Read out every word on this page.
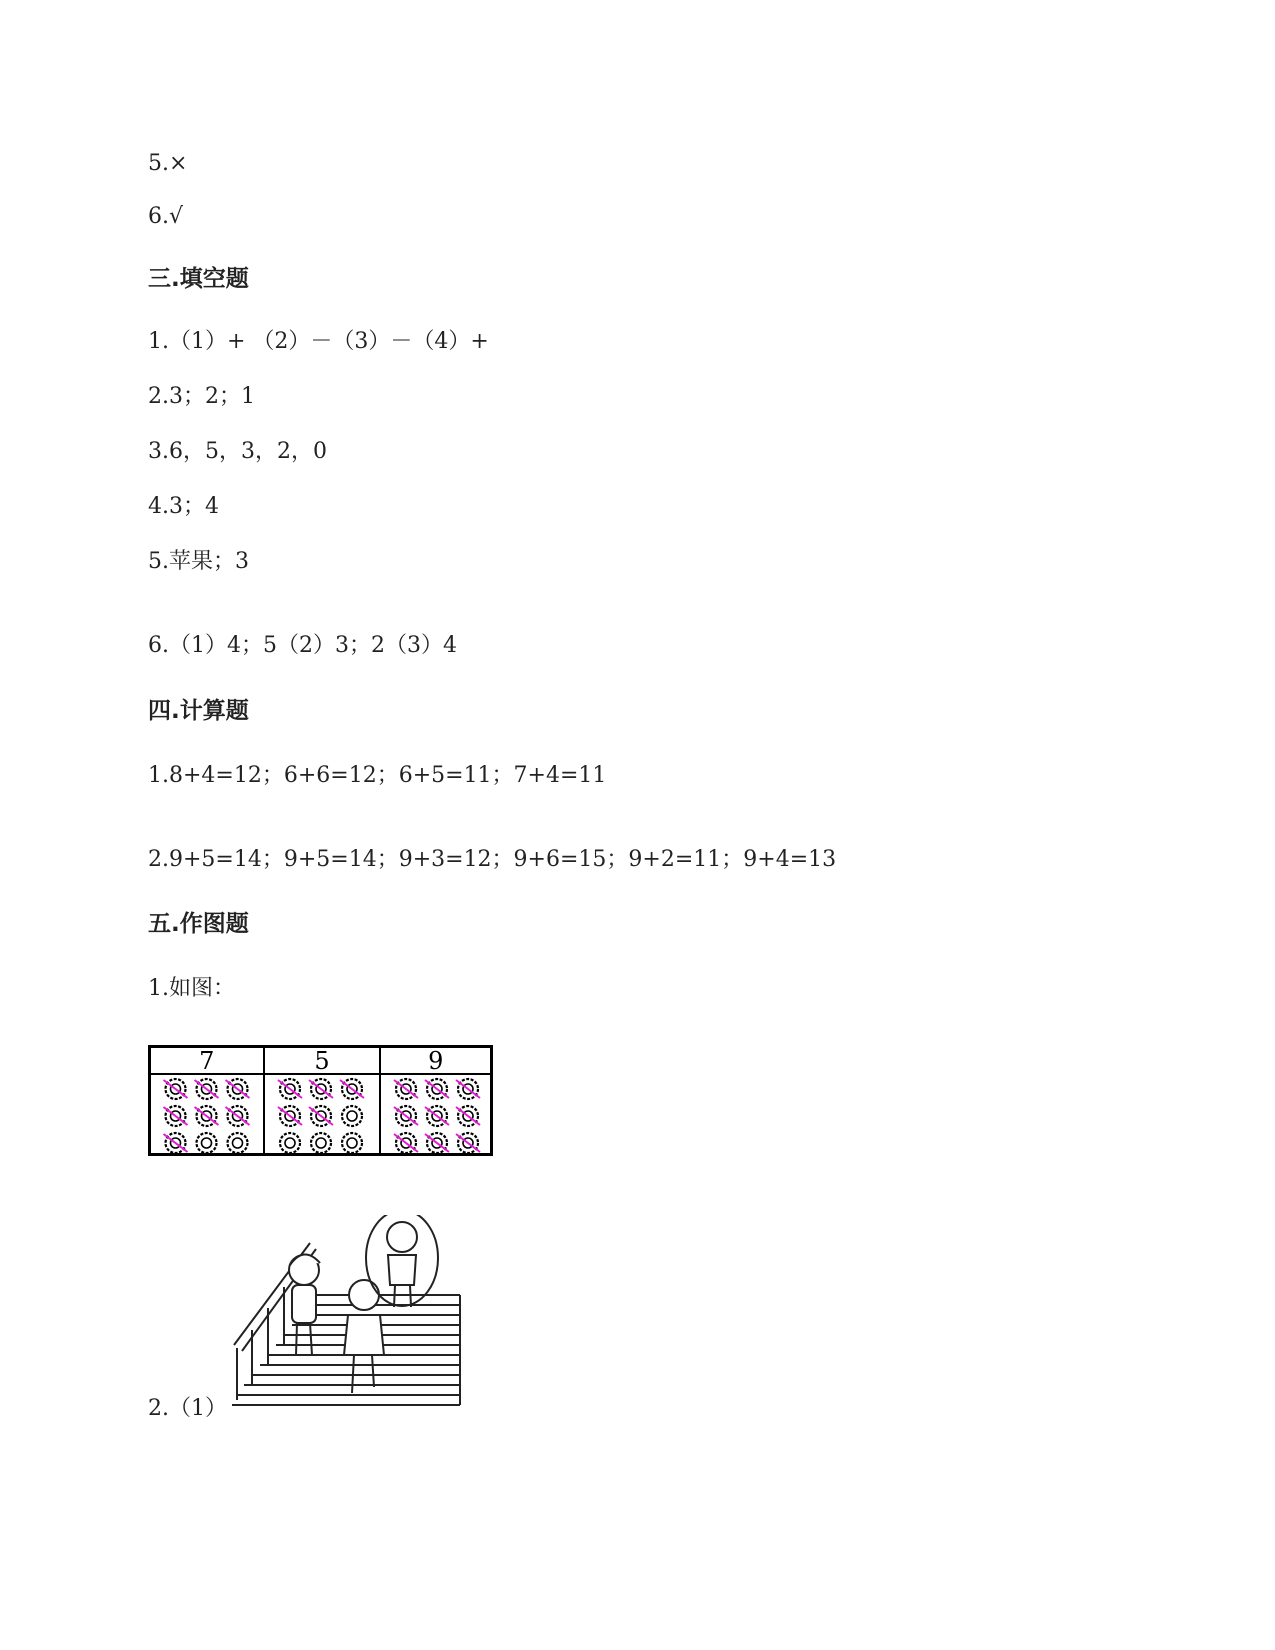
5.×
6.√
三.填空题
1.（1）+ （2）－（3）－（4）+
2.3；2；1
3.6，5，3，2，0
4.3；4
5.苹果；3
6.（1）4；5（2）3；2（3）4
四.计算题
1.8+4=12；6+6=12；6+5=11；7+4=11
2.9+5=14；9+5=14；9+3=12；9+6=15；9+2=11；9+4=13
五.作图题
1.如图：
7	5	9
2.（1）
